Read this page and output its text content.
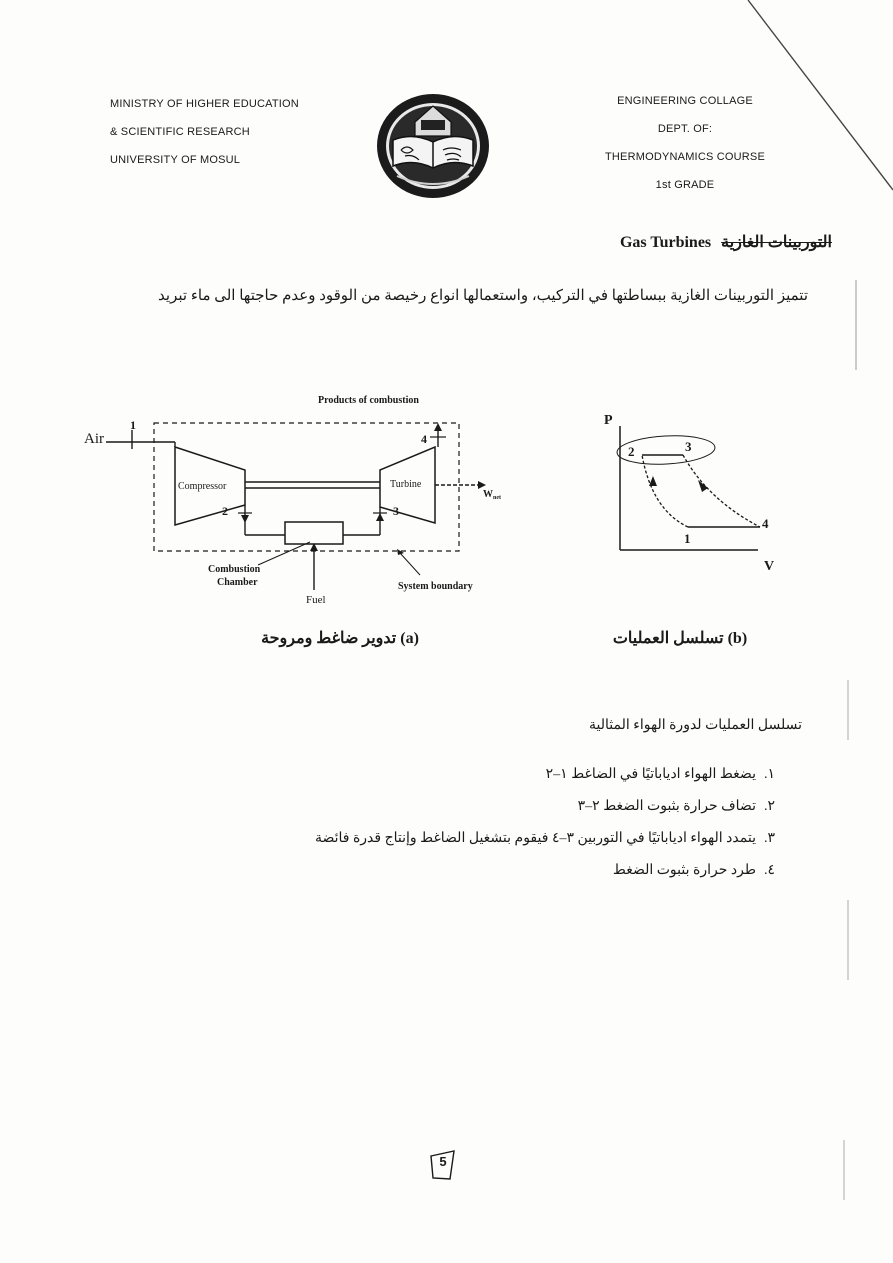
MINISTRY OF HIGHER EDUCATION
& SCIENTIFIC RESEARCH
UNIVERSITY OF MOSUL
ENGINEERING COLLAGE
DEPT. OF:
THERMODYNAMICS COURSE
1st GRADE
Gas Turbines التوربينات الغازية
تتميز التوربينات الغازية ببساطتها في التركيب، واستعمالها انواع رخيصة من الوقود وعدم حاجتها الى ماء تبريد
Products of combustion
Air
1
Compressor	Turbine
$W_{net}$
4
2	3
Fuel
Combustion
Chamber	System boundary
P
V
2	3
4
1
(a) تدوير ضاغط ومروحة	(b) تسلسل العمليات
تسلسل العمليات لدورة الهواء المثالية
١.يضغط الهواء ادياباتيًا في الضاغط ١–٢
٢.تضاف حرارة بثبوت الضغط ٢–٣
٣.يتمدد الهواء ادياباتيًا في التوربين ٣–٤ فيقوم بتشغيل الضاغط وإنتاج قدرة فائضة
٤.طرد حرارة بثبوت الضغط
5
